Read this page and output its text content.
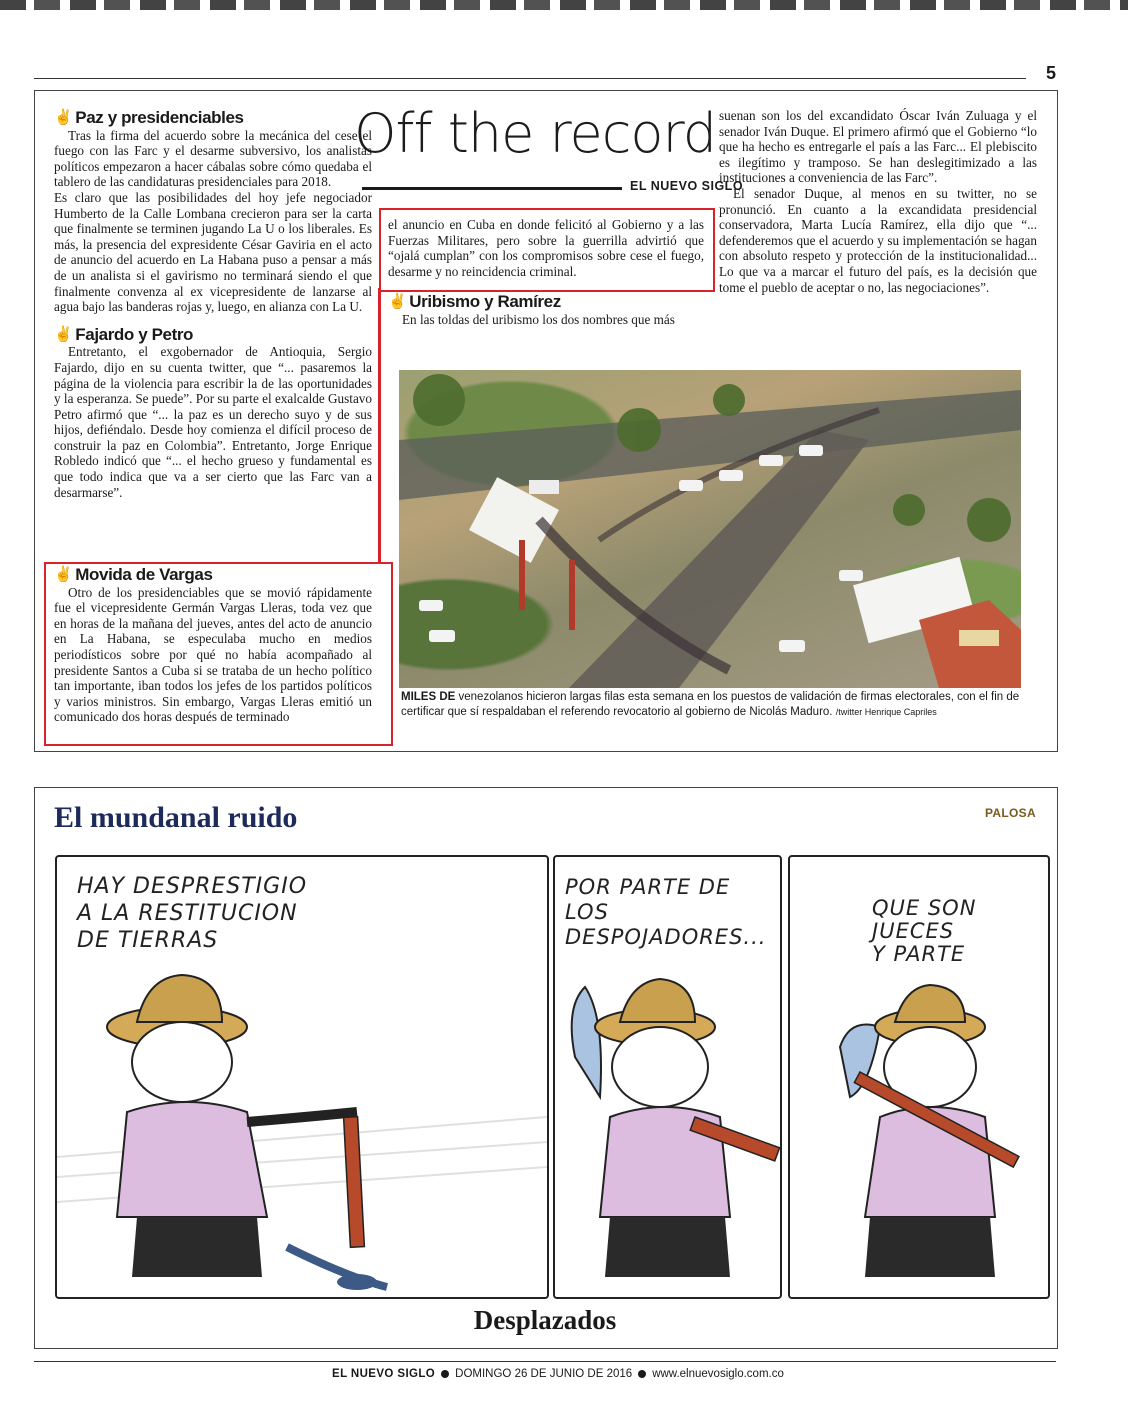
5
✌ Paz y presidenciables

Tras la firma del acuerdo sobre la mecánica del cese el fuego con las Farc y el desarme subversivo, los analistas políticos empezaron a hacer cábalas sobre cómo quedaba el tablero de las candidaturas presidenciales para 2018.

Es claro que las posibilidades del hoy jefe negociador Humberto de la Calle Lombana crecieron para ser la carta que finalmente se terminen jugando La U o los liberales. Es más, la presencia del expresidente César Gaviria en el acto de anuncio del acuerdo en La Habana puso a pensar a más de un analista si el gavirismo no terminará siendo el que finalmente convenza al ex vicepresidente de lanzarse al agua bajo las banderas rojas y, luego, en alianza con La U.

✌ Fajardo y Petro

Entretanto, el exgobernador de Antioquia, Sergio Fajardo, dijo en su cuenta twitter, que “... pasaremos la página de la violencia para escribir la de las oportunidades y la esperanza. Se puede”. Por su parte el exalcalde Gustavo Petro afirmó que “... la paz es un derecho suyo y de sus hijos, defiéndalo. Desde hoy comienza el difícil proceso de construir la paz en Colombia”. Entretanto, Jorge Enrique Robledo indicó que “... el hecho grueso y fundamental es que todo indica que va a ser cierto que las Farc van a desarmarse”.

✌ Movida de Vargas

Otro de los presidenciables que se movió rápidamente fue el vicepresidente Germán Vargas Lleras, toda vez que en horas de la mañana del jueves, antes del acto de anuncio en La Habana, se especulaba mucho en medios periodísticos sobre por qué no había acompañado al presidente Santos a Cuba si se trataba de un hecho político tan importante, iban todos los jefes de los partidos políticos y varios ministros. Sin embargo, Vargas Lleras emitió un comunicado dos horas después de terminado

Off the record
EL NUEVO SIGLO

el anuncio en Cuba en donde felicitó al Gobierno y a las Fuerzas Militares, pero sobre la guerrilla advirtió que “ojalá cumplan” con los compromisos sobre cese el fuego, desarme y no reincidencia criminal.

✌ Uribismo y Ramírez

En las toldas del uribismo los dos nombres que más

suenan son los del excandidato Óscar Iván Zuluaga y el senador Iván Duque. El primero afirmó que el Gobierno “lo que ha hecho es entregarle el país a las Farc... El plebiscito es ilegítimo y tramposo. Se han deslegitimizado a las instituciones a conveniencia de las Farc”.

El senador Duque, al menos en su twitter, no se pronunció. En cuanto a la excandidata presidencial conservadora, Marta Lucía Ramírez, ella dijo que “... defenderemos que el acuerdo y su implementación se hagan con absoluto respeto y protección de la institucionalidad... Lo que va a marcar el futuro del país, es la decisión que tome el pueblo de aceptar o no, las negociaciones”.

MILES DE venezolanos hicieron largas filas esta semana en los puestos de validación de firmas electorales, con el fin de certificar que sí respaldaban el referendo revocatorio al gobierno de Nicolás Maduro. /twitter Henrique Capriles
El mundanal ruido	PALOSA
HAY DESPRESTIGIO
A LA RESTITUCION
DE TIERRAS
POR PARTE DE LOS
DESPOJADORES...
QUE SON
JUECES
Y PARTE
Desplazados
EL NUEVO SIGLO DOMINGO 26 DE JUNIO DE 2016 www.elnuevosiglo.com.co
